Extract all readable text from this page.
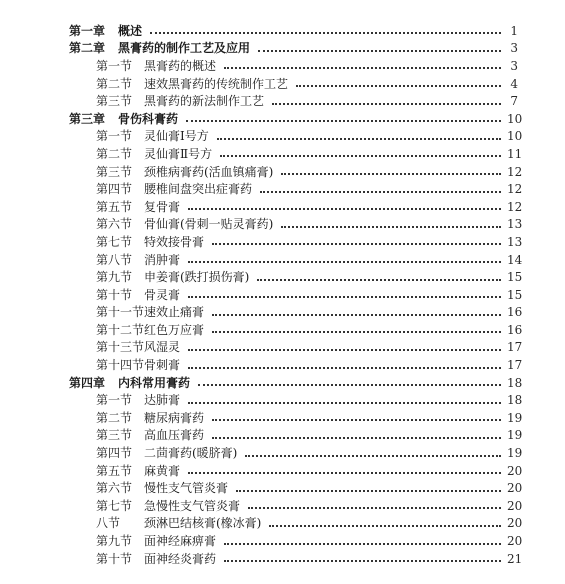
第一章	概述	1
第二章	黑膏药的制作工艺及应用	3
第一节 黑膏药的概述	3
第二节 速效黑膏药的传统制作工艺	4
第三节 黑膏药的新法制作工艺	7
第三章	骨伤科膏药	10
第一节 灵仙膏Ⅰ号方	10
第二节 灵仙膏Ⅱ号方	11
第三节 颈椎病膏药(活血镇痛膏)	12
第四节 腰椎间盘突出症膏药	12
第五节 复骨膏	12
第六节 骨仙膏(骨刺一贴灵膏药)	13
第七节 特效接骨膏	13
第八节 消肿膏	14
第九节 申姜膏(跌打损伤膏)	15
第十节 骨灵膏	15
第十一节 速效止痛膏	16
第十二节 红色万应膏	16
第十三节 风湿灵	17
第十四节 骨刺膏	17
第四章	内科常用膏药	18
第一节 达肺膏	18
第二节 糖尿病膏药	19
第三节 高血压膏药	19
第四节 二茴膏药(暖脐膏)	19
第五节 麻黄膏	20
第六节 慢性支气管炎膏	20
第七节 急慢性支气管炎膏	20
八节	颈淋巴结核膏(橡冰膏)	20
第九节 面神经麻痹膏	20
第十节 面神经炎膏药	21
